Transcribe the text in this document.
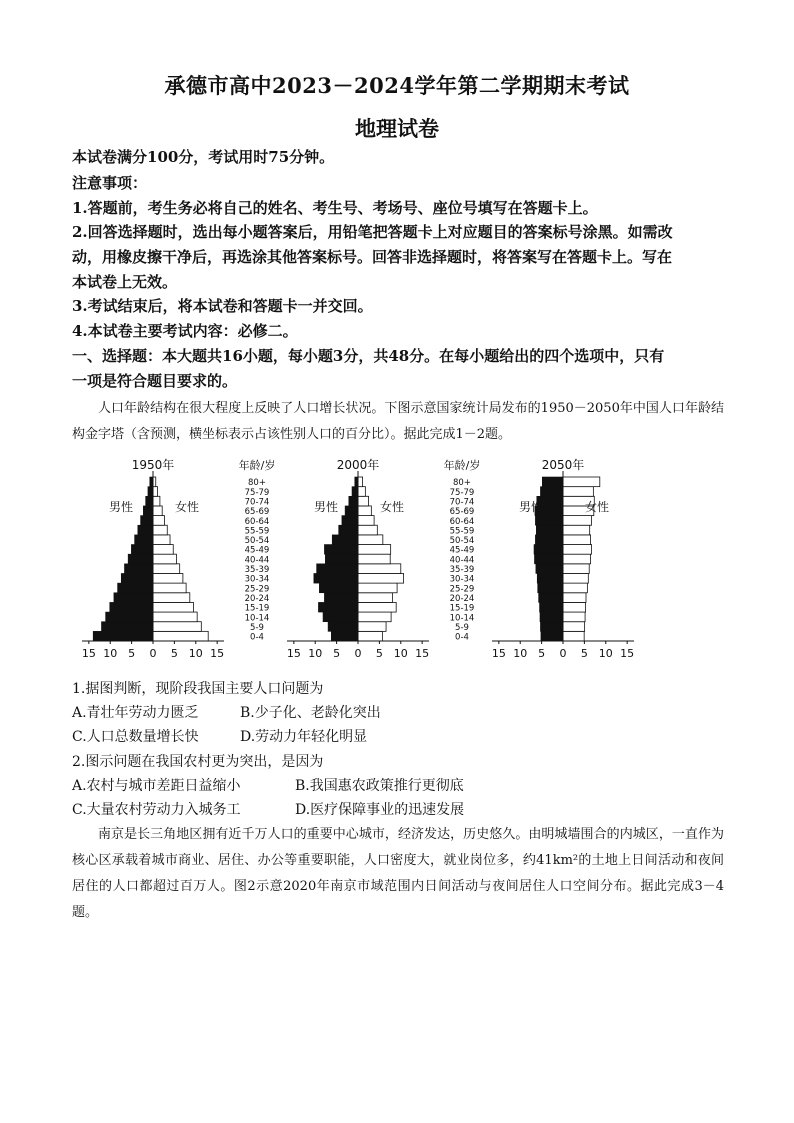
承德市高中2023－2024学年第二学期期末考试
地理试卷
本试卷满分100分，考试用时75分钟。
注意事项：
1.答题前，考生务必将自己的姓名、考生号、考场号、座位号填写在答题卡上。
2.回答选择题时，选出每小题答案后，用铅笔把答题卡上对应题目的答案标号涂黑。如需改
动，用橡皮擦干净后，再选涂其他答案标号。回答非选择题时，将答案写在答题卡上。写在
本试卷上无效。
3.考试结束后，将本试卷和答题卡一并交回。
4.本试卷主要考试内容：必修二。
一、选择题：本大题共16小题，每小题3分，共48分。在每小题给出的四个选项中，只有
一项是符合题目要求的。
人口年龄结构在很大程度上反映了人口增长状况。下图示意国家统计局发布的1950－2050年中国人口年龄结构金字塔（含预测，横坐标表示占该性别人口的百分比）。据此完成1－2题。
1950年
15 10 5 0 5 10 15
男性	女性
年龄/岁
0-4
5-9
10-14
15-19
20-24
25-29
30-34
35-39
40-44
45-49
50-54
55-59
60-64
65-69
70-74
75-79
80+
2000年
15 10 5 0 5 10 15
男性	女性
年龄/岁
0-4
5-9
10-14
15-19
20-24
25-29
30-34
35-39
40-44
45-49
50-54
55-59
60-64
65-69
70-74
75-79
80+
2050年
15 10 5 0 5 10 15
男性	女性
1.据图判断，现阶段我国主要人口问题为
A.青壮年劳动力匮乏	B.少子化、老龄化突出
C.人口总数量增长快	D.劳动力年轻化明显
2.图示问题在我国农村更为突出，是因为
A.农村与城市差距日益缩小	B.我国惠农政策推行更彻底
C.大量农村劳动力入城务工	D.医疗保障事业的迅速发展
南京是长三角地区拥有近千万人口的重要中心城市，经济发达，历史悠久。由明城墙围合的内城区，一直作为核心区承载着城市商业、居住、办公等重要职能，人口密度大，就业岗位多，约41km²的土地上日间活动和夜间居住的人口都超过百万人。图2示意2020年南京市域范围内日间活动与夜间居住人口空间分布。据此完成3－4题。
